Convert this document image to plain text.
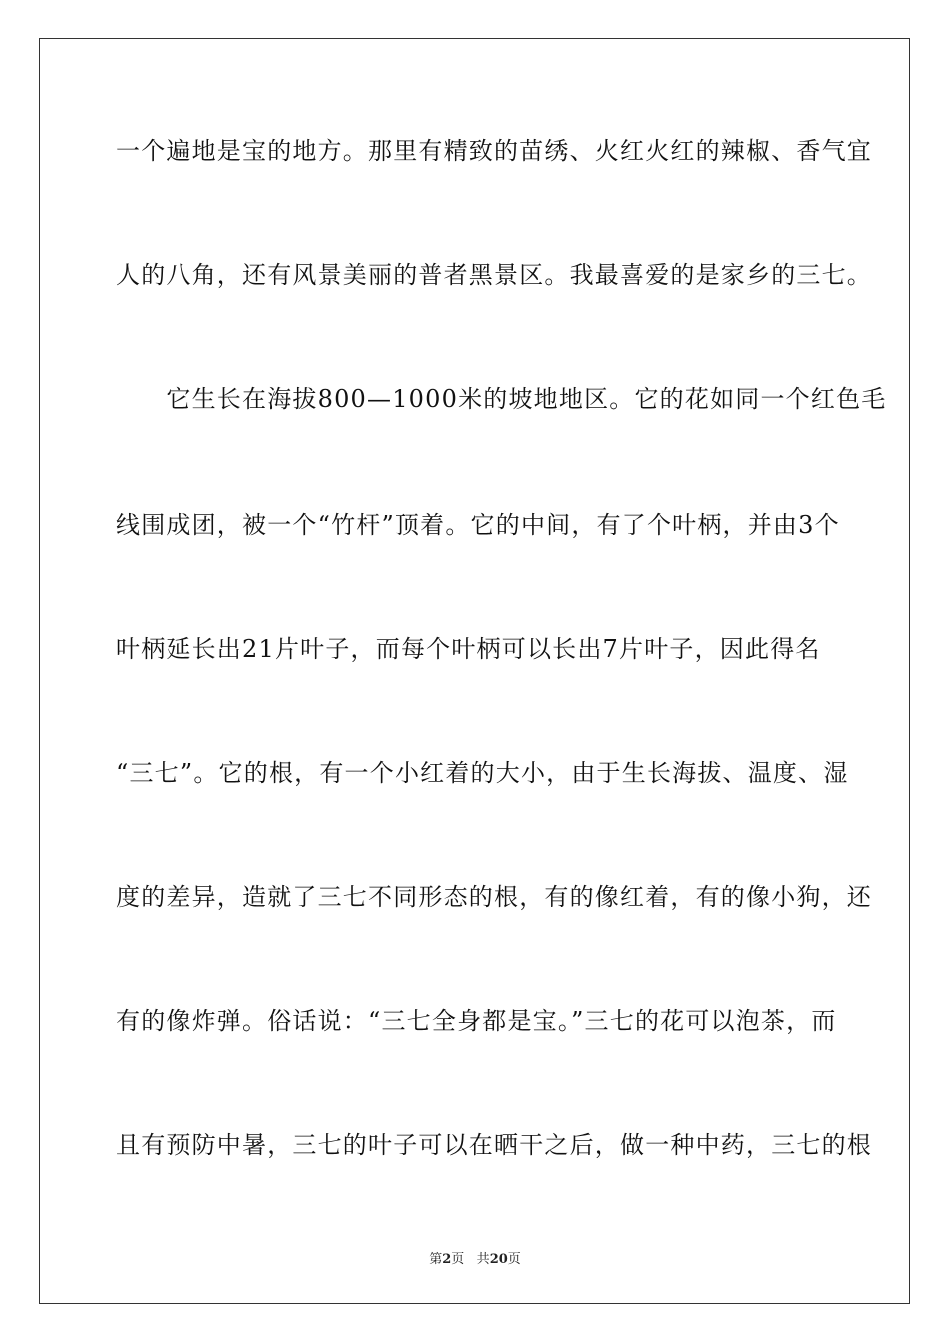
一个遍地是宝的地方。那里有精致的苗绣、火红火红的辣椒、香气宜
人的八角，还有风景美丽的普者黑景区。我最喜爱的是家乡的三七。
　　它生长在海拔800—1000米的坡地地区。它的花如同一个红色毛
线围成团，被一个“竹杆”顶着。它的中间，有了个叶柄，并由3个
叶柄延长出21片叶子，而每个叶柄可以长出7片叶子，因此得名
“三七”。它的根，有一个小红着的大小，由于生长海拔、温度、湿
度的差异，造就了三七不同形态的根，有的像红着，有的像小狗，还
有的像炸弹。俗话说：“三七全身都是宝。”三七的花可以泡茶，而
且有预防中暑，三七的叶子可以在晒干之后，做一种中药，三七的根
第2页 共20页
